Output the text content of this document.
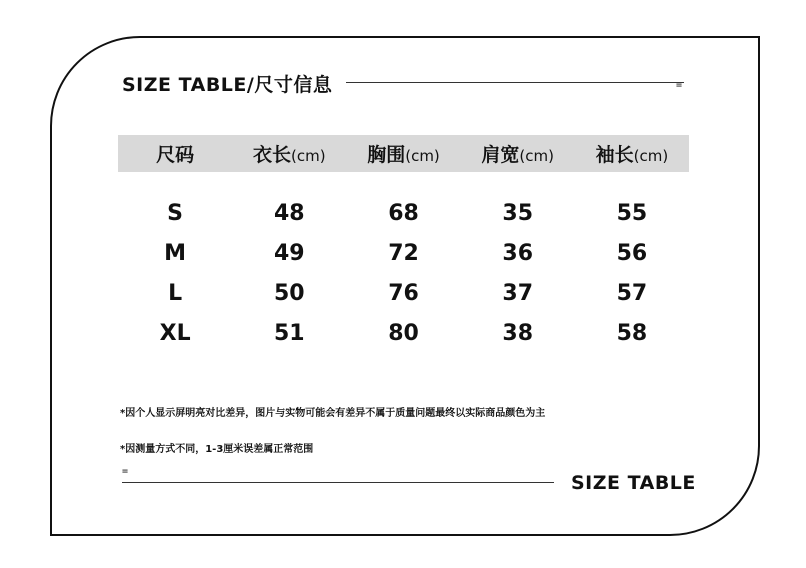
SIZE TABLE/尺寸信息	=
尺码	衣长(cm)	胸围(cm)	肩宽(cm)	袖长(cm)
S	48	68	35	55
M	49	72	36	56
L	50	76	37	57
XL	51	80	38	58
*因个人显示屏明亮对比差异，图片与实物可能会有差异不属于质量问题最终以实际商品颜色为主
*因测量方式不同，1-3厘米误差属正常范围
=
SIZE TABLE
